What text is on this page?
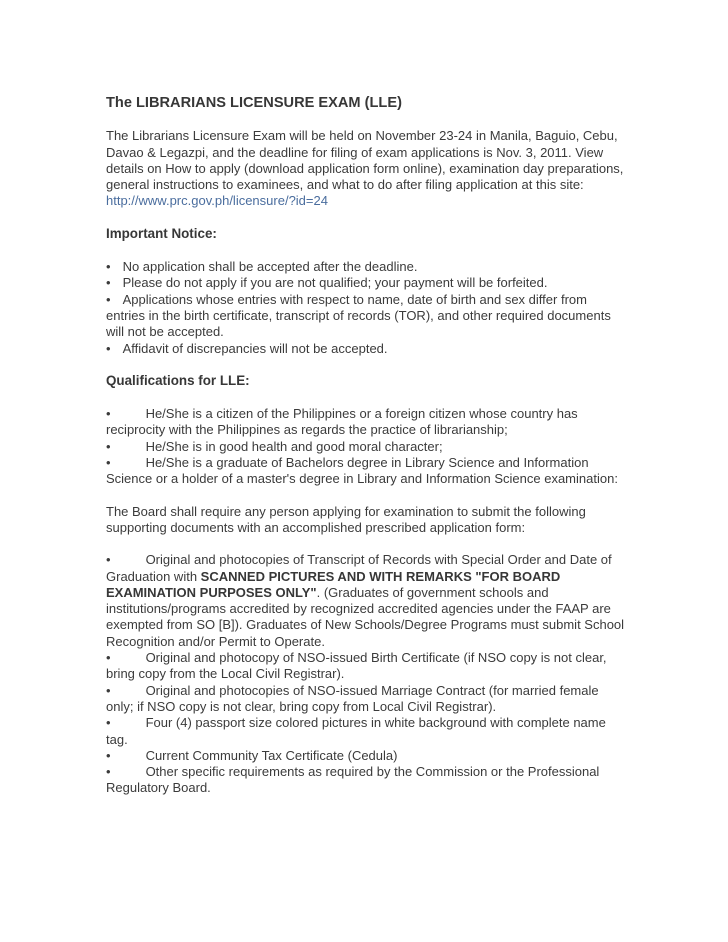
The LIBRARIANS LICENSURE EXAM (LLE)

The Librarians Licensure Exam will be held on November 23-24 in Manila, Baguio, Cebu, Davao & Legazpi, and the deadline for filing of exam applications is Nov. 3, 2011. View details on How to apply (download application form online), examination day preparations, general instructions to examinees, and what to do after filing application at this site: http://www.prc.gov.ph/licensure/?id=24

Important Notice:

• No application shall be accepted after the deadline.

• Please do not apply if you are not qualified; your payment will be forfeited.

• Applications whose entries with respect to name, date of birth and sex differ from entries in the birth certificate, transcript of records (TOR), and other required documents will not be accepted.

• Affidavit of discrepancies will not be accepted.

Qualifications for LLE:

•	He/She is a citizen of the Philippines or a foreign citizen whose country has reciprocity with the Philippines as regards the practice of librarianship;

•	He/She is in good health and good moral character;

•	He/She is a graduate of Bachelors degree in Library Science and Information Science or a holder of a master's degree in Library and Information Science examination:

The Board shall require any person applying for examination to submit the following supporting documents with an accomplished prescribed application form:

•	Original and photocopies of Transcript of Records with Special Order and Date of Graduation with SCANNED PICTURES AND WITH REMARKS "FOR BOARD EXAMINATION PURPOSES ONLY". (Graduates of government schools and institutions/programs accredited by recognized accredited agencies under the FAAP are exempted from SO [B]). Graduates of New Schools/Degree Programs must submit School Recognition and/or Permit to Operate.

•	Original and photocopy of NSO-issued Birth Certificate (if NSO copy is not clear, bring copy from the Local Civil Registrar).

•	Original and photocopies of NSO-issued Marriage Contract (for married female only; if NSO copy is not clear, bring copy from Local Civil Registrar).

•	Four (4) passport size colored pictures in white background with complete name tag.

•	Current Community Tax Certificate (Cedula)

•	Other specific requirements as required by the Commission or the Professional Regulatory Board.
